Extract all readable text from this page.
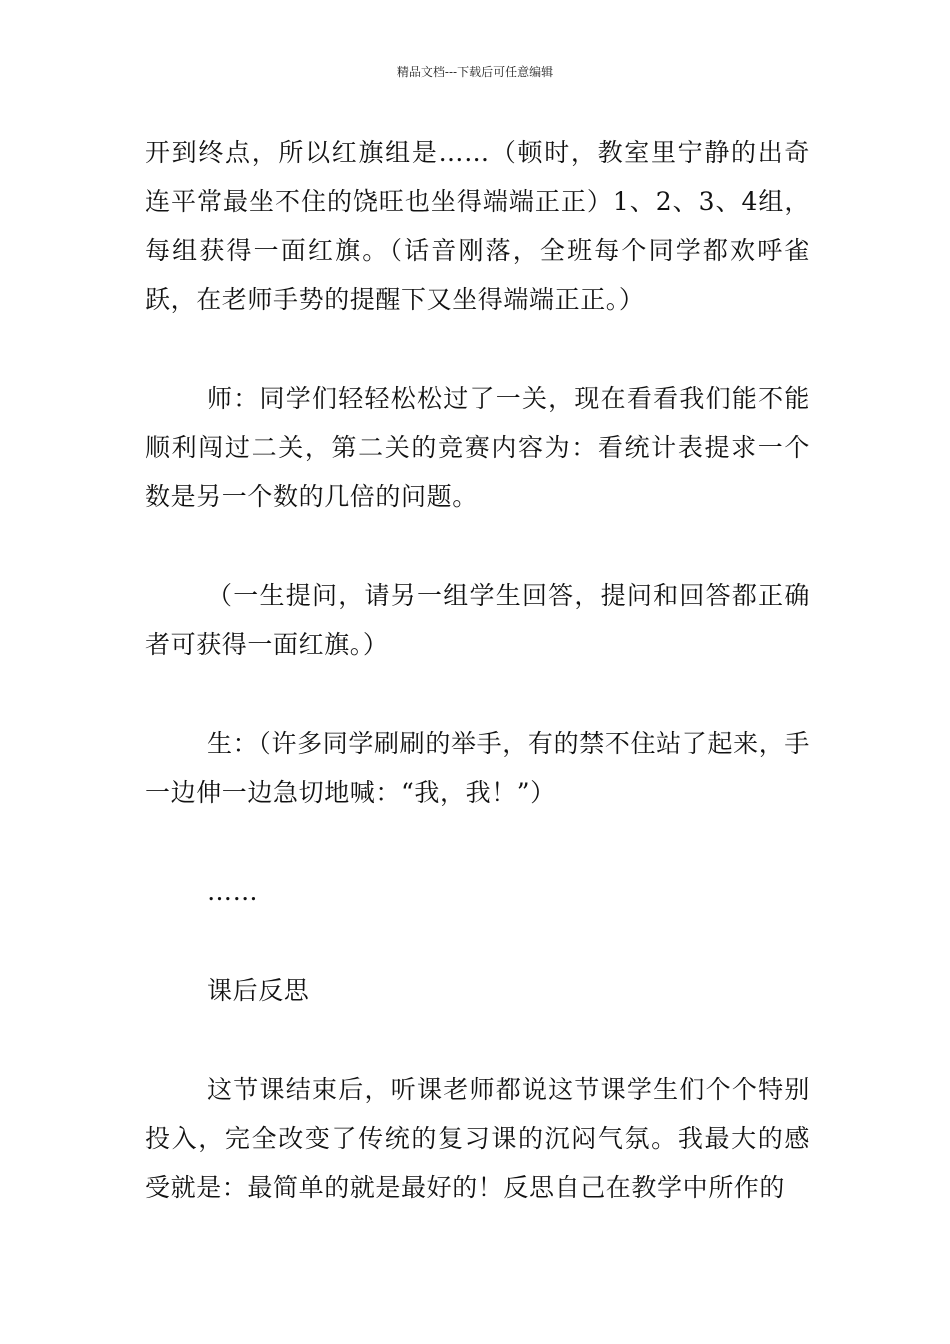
精品文档---下载后可任意编辑

开到终点，所以红旗组是……（顿时，教室里宁静的出奇连平常最坐不住的饶旺也坐得端端正正）1、2、3、4组，每组获得一面红旗。（话音刚落，全班每个同学都欢呼雀跃，在老师手势的提醒下又坐得端端正正。）

师：同学们轻轻松松过了一关，现在看看我们能不能顺利闯过二关，第二关的竞赛内容为：看统计表提求一个数是另一个数的几倍的问题。

（一生提问，请另一组学生回答，提问和回答都正确者可获得一面红旗。）

生：（许多同学刷刷的举手，有的禁不住站了起来，手一边伸一边急切地喊：“我，我！”）

……

课后反思

这节课结束后，听课老师都说这节课学生们个个特别投入，完全改变了传统的复习课的沉闷气氛。我最大的感受就是：最简单的就是最好的！反思自己在教学中所作的
